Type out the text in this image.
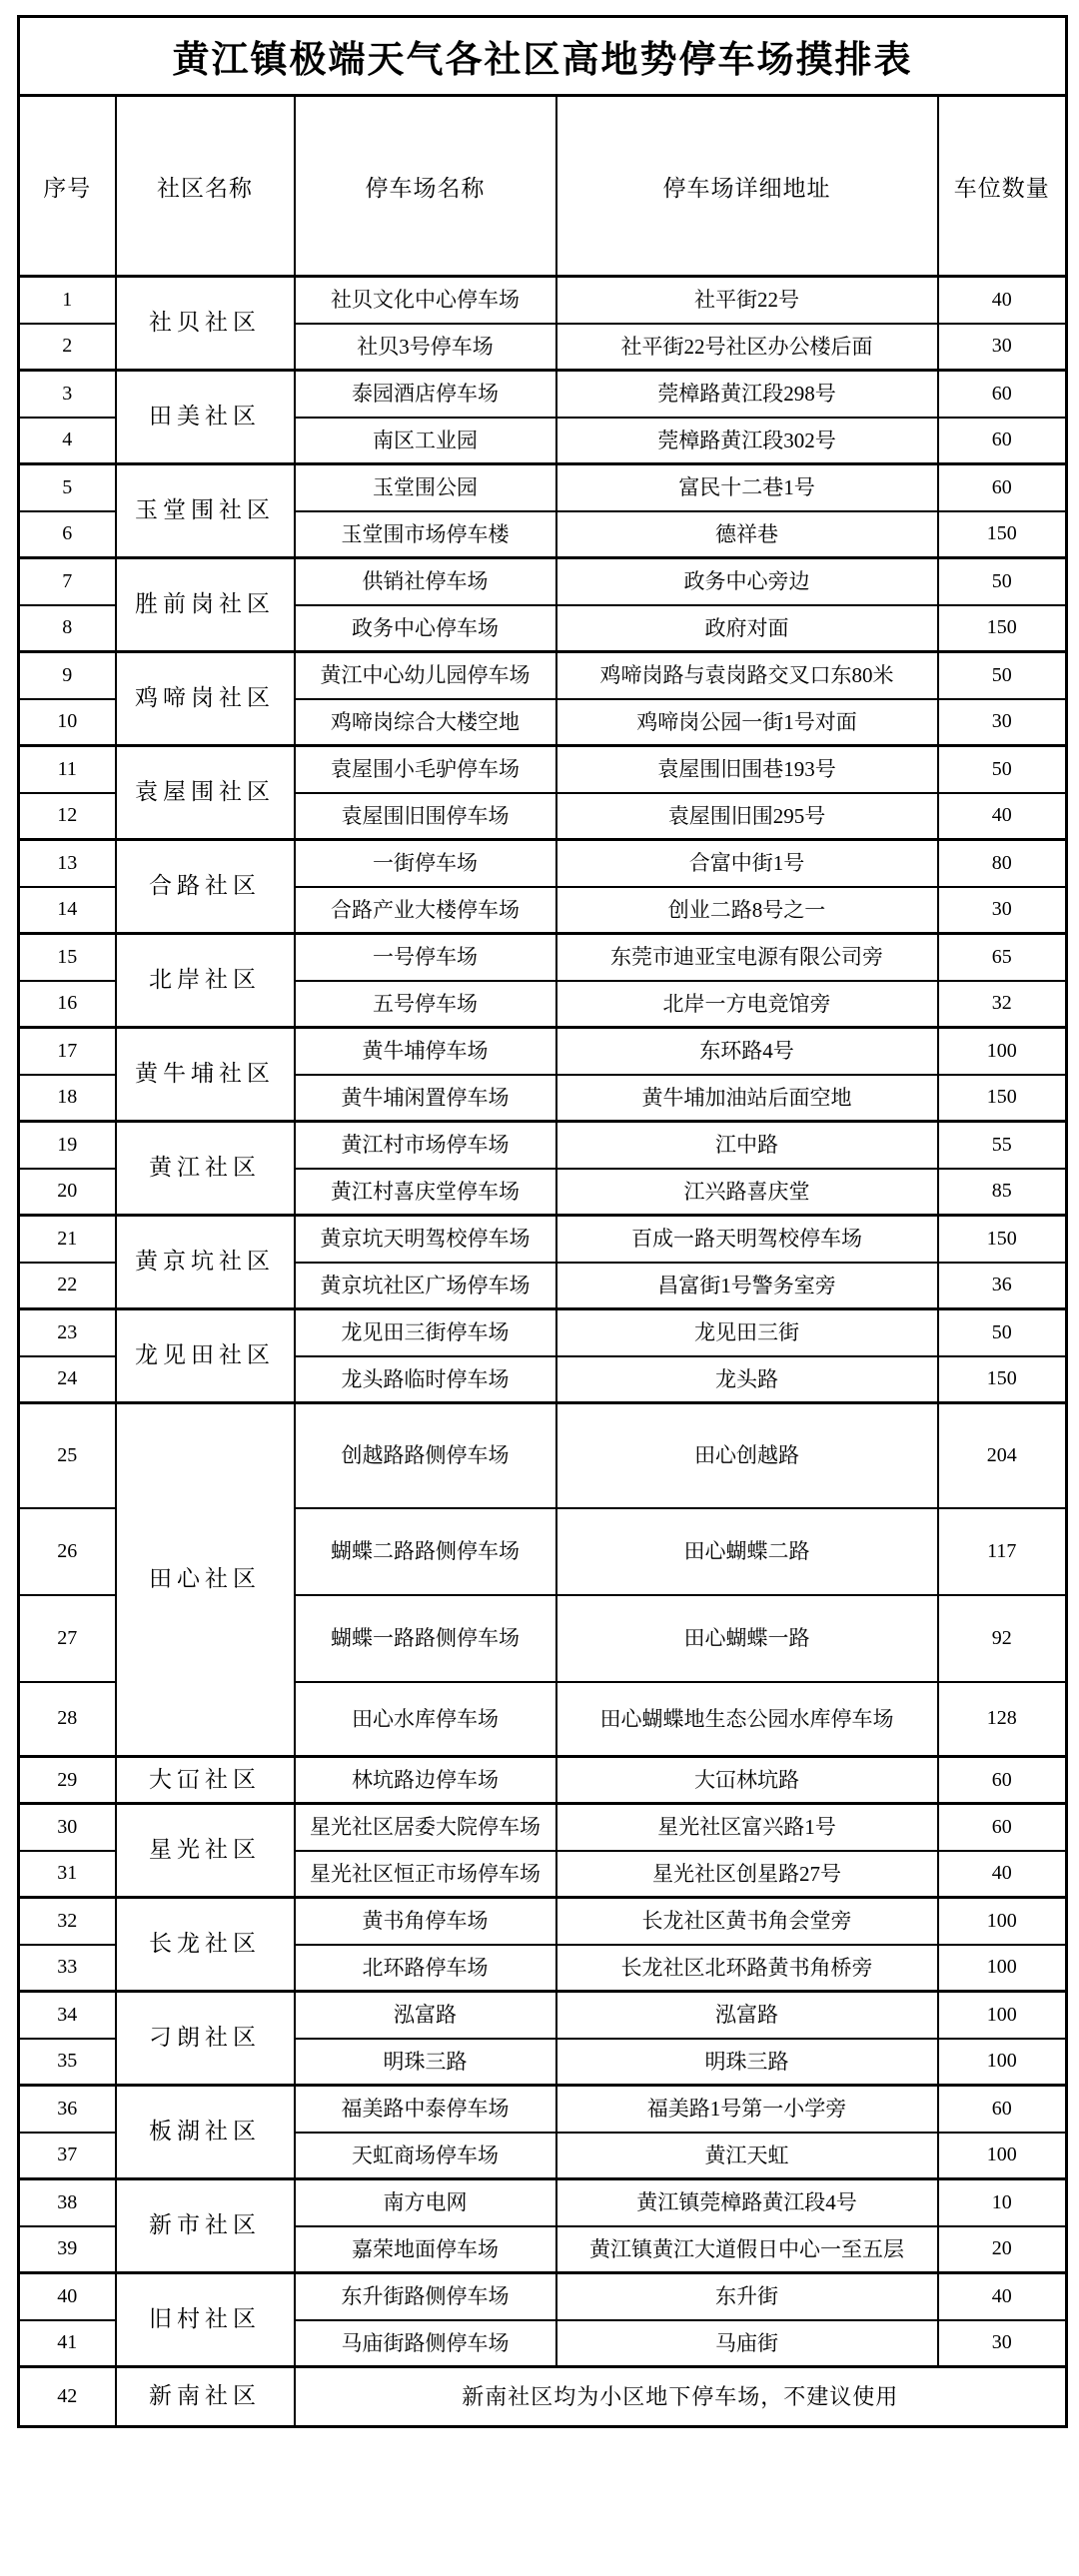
黄江镇极端天气各社区高地势停车场摸排表				
序号	社区名称	停车场名称	停车场详细地址	车位数量
1	社贝社区	社贝文化中心停车场	社平街22号	40
2		社贝3号停车场	社平街22号社区办公楼后面	30
3	田美社区	泰园酒店停车场	莞樟路黄江段298号	60
4		南区工业园	莞樟路黄江段302号	60
5	玉堂围社区	玉堂围公园	富民十二巷1号	60
6		玉堂围市场停车楼	德祥巷	150
7	胜前岗社区	供销社停车场	政务中心旁边	50
8		政务中心停车场	政府对面	150
9	鸡啼岗社区	黄江中心幼儿园停车场	鸡啼岗路与袁岗路交叉口东80米	50
10		鸡啼岗综合大楼空地	鸡啼岗公园一街1号对面	30
11	袁屋围社区	袁屋围小毛驴停车场	袁屋围旧围巷193号	50
12		袁屋围旧围停车场	袁屋围旧围295号	40
13	合路社区	一街停车场	合富中街1号	80
14		合路产业大楼停车场	创业二路8号之一	30
15	北岸社区	一号停车场	东莞市迪亚宝电源有限公司旁	65
16		五号停车场	北岸一方电竞馆旁	32
17	黄牛埔社区	黄牛埔停车场	东环路4号	100
18		黄牛埔闲置停车场	黄牛埔加油站后面空地	150
19	黄江社区	黄江村市场停车场	江中路	55
20		黄江村喜庆堂停车场	江兴路喜庆堂	85
21	黄京坑社区	黄京坑天明驾校停车场	百成一路天明驾校停车场	150
22		黄京坑社区广场停车场	昌富街1号警务室旁	36
23	龙见田社区	龙见田三街停车场	龙见田三街	50
24		龙头路临时停车场	龙头路	150
25	田心社区	创越路路侧停车场	田心创越路	204
26		蝴蝶二路路侧停车场	田心蝴蝶二路	117
27		蝴蝶一路路侧停车场	田心蝴蝶一路	92
28		田心水库停车场	田心蝴蝶地生态公园水库停车场	128
29	大冚社区	林坑路边停车场	大冚林坑路	60
30	星光社区	星光社区居委大院停车场	星光社区富兴路1号	60
31		星光社区恒正市场停车场	星光社区创星路27号	40
32	长龙社区	黄书角停车场	长龙社区黄书角会堂旁	100
33		北环路停车场	长龙社区北环路黄书角桥旁	100
34	刁朗社区	泓富路	泓富路	100
35		明珠三路	明珠三路	100
36	板湖社区	福美路中泰停车场	福美路1号第一小学旁	60
37		天虹商场停车场	黄江天虹	100
38	新市社区	南方电网	黄江镇莞樟路黄江段4号	10
39		嘉荣地面停车场	黄江镇黄江大道假日中心一至五层	20
40	旧村社区	东升街路侧停车场	东升街	40
41		马庙街路侧停车场	马庙街	30
42	新南社区	新南社区均为小区地下停车场，不建议使用		
